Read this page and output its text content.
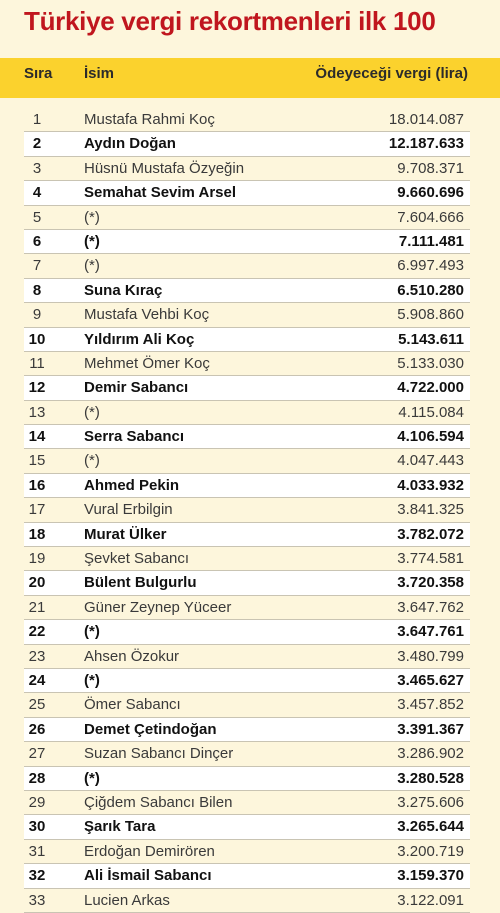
Türkiye vergi rekortmenleri ilk 100
Sıra İsim	Ödeyeceği vergi (lira)
1	Mustafa Rahmi Koç	18.014.087
2	Aydın Doğan	12.187.633
3	Hüsnü Mustafa Özyeğin	9.708.371
4	Semahat Sevim Arsel	9.660.696
5	(*)	7.604.666
6	(*)	7.111.481
7	(*)	6.997.493
8	Suna Kıraç	6.510.280
9	Mustafa Vehbi Koç	5.908.860
10	Yıldırım Ali Koç	5.143.611
11	Mehmet Ömer Koç	5.133.030
12	Demir Sabancı	4.722.000
13	(*)	4.115.084
14	Serra Sabancı	4.106.594
15	(*)	4.047.443
16	Ahmed Pekin	4.033.932
17	Vural Erbilgin	3.841.325
18	Murat Ülker	3.782.072
19	Şevket Sabancı	3.774.581
20	Bülent Bulgurlu	3.720.358
21	Güner Zeynep Yüceer	3.647.762
22	(*)	3.647.761
23	Ahsen Özokur	3.480.799
24	(*)	3.465.627
25	Ömer Sabancı	3.457.852
26	Demet Çetindoğan	3.391.367
27	Suzan Sabancı Dinçer	3.286.902
28	(*)	3.280.528
29	Çiğdem Sabancı Bilen	3.275.606
30	Şarık Tara	3.265.644
31	Erdoğan Demirören	3.200.719
32	Ali İsmail Sabancı	3.159.370
33	Lucien Arkas	3.122.091
